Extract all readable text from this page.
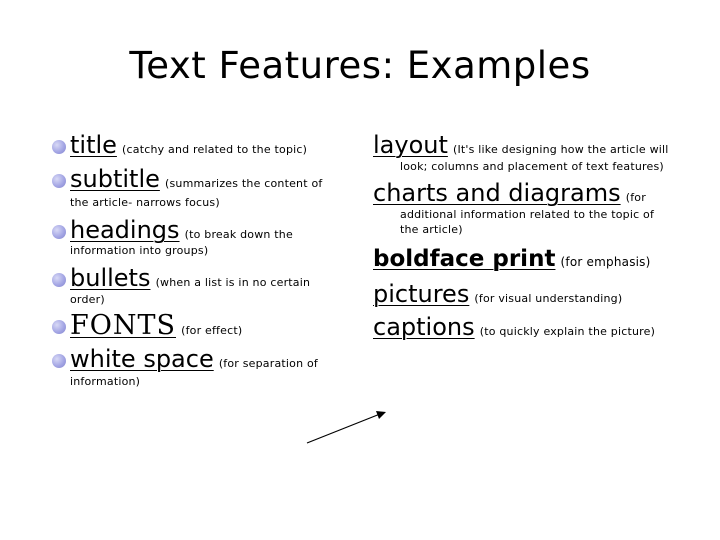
Text Features: Examples
title (catchy and related to the topic)
subtitle (summarizes the content of
the article- narrows focus)
headings (to break down the
information into groups)
bullets (when a list is in no certain
order)
FONTS (for effect)
white space (for separation of
information)
layout (It's like designing how the article will
look; columns and placement of text features)
charts and diagrams (for
additional information related to the topic of
the article)
boldface print (for emphasis)
pictures (for visual understanding)
captions (to quickly explain the picture)
